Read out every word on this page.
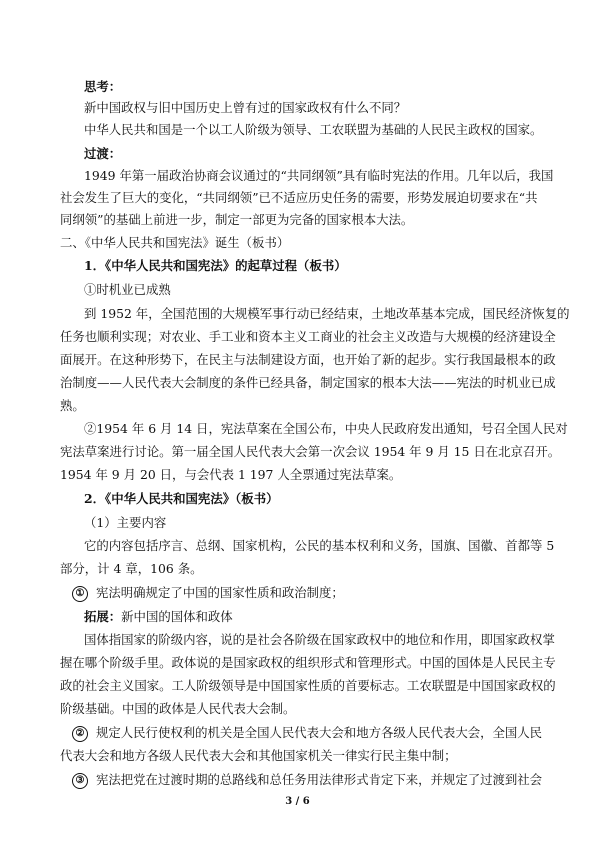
思考：
新中国政权与旧中国历史上曾有过的国家政权有什么不同？
中华人民共和国是一个以工人阶级为领导、工农联盟为基础的人民民主政权的国家。
过渡：
1949 年第一届政治协商会议通过的“共同纲领”具有临时宪法的作用。几年以后，我国
社会发生了巨大的变化，“共同纲领”已不适应历史任务的需要，形势发展迫切要求在“共
同纲领”的基础上前进一步，制定一部更为完备的国家根本大法。
二、《中华人民共和国宪法》诞生（板书）
1．《中华人民共和国宪法》的起草过程（板书）
①时机业已成熟
到 1952 年，全国范围的大规模军事行动已经结束，土地改革基本完成，国民经济恢复的
任务也顺利实现；对农业、手工业和资本主义工商业的社会主义改造与大规模的经济建设全
面展开。在这种形势下，在民主与法制建设方面，也开始了新的起步。实行我国最根本的政
治制度——人民代表大会制度的条件已经具备，制定国家的根本大法——宪法的时机业已成
熟。
②1954 年 6 月 14 日，宪法草案在全国公布，中央人民政府发出通知，号召全国人民对
宪法草案进行讨论。第一届全国人民代表大会第一次会议 1954 年 9 月 15 日在北京召开。
1954 年 9 月 20 日，与会代表 1 197 人全票通过宪法草案。
2．《中华人民共和国宪法》（板书）
（1）主要内容
它的内容包括序言、总纲、国家机构，公民的基本权利和义务，国旗、国徽、首都等 5
部分，计 4 章，106 条。
① 宪法明确规定了中国的国家性质和政治制度；
拓展：新中国的国体和政体
国体指国家的阶级内容，说的是社会各阶级在国家政权中的地位和作用，即国家政权掌
握在哪个阶级手里。政体说的是国家政权的组织形式和管理形式。中国的国体是人民民主专
政的社会主义国家。工人阶级领导是中国国家性质的首要标志。工农联盟是中国国家政权的
阶级基础。中国的政体是人民代表大会制。
② 规定人民行使权利的机关是全国人民代表大会和地方各级人民代表大会，全国人民
代表大会和地方各级人民代表大会和其他国家机关一律实行民主集中制；
③ 宪法把党在过渡时期的总路线和总任务用法律形式肯定下来，并规定了过渡到社会
3 / 6
